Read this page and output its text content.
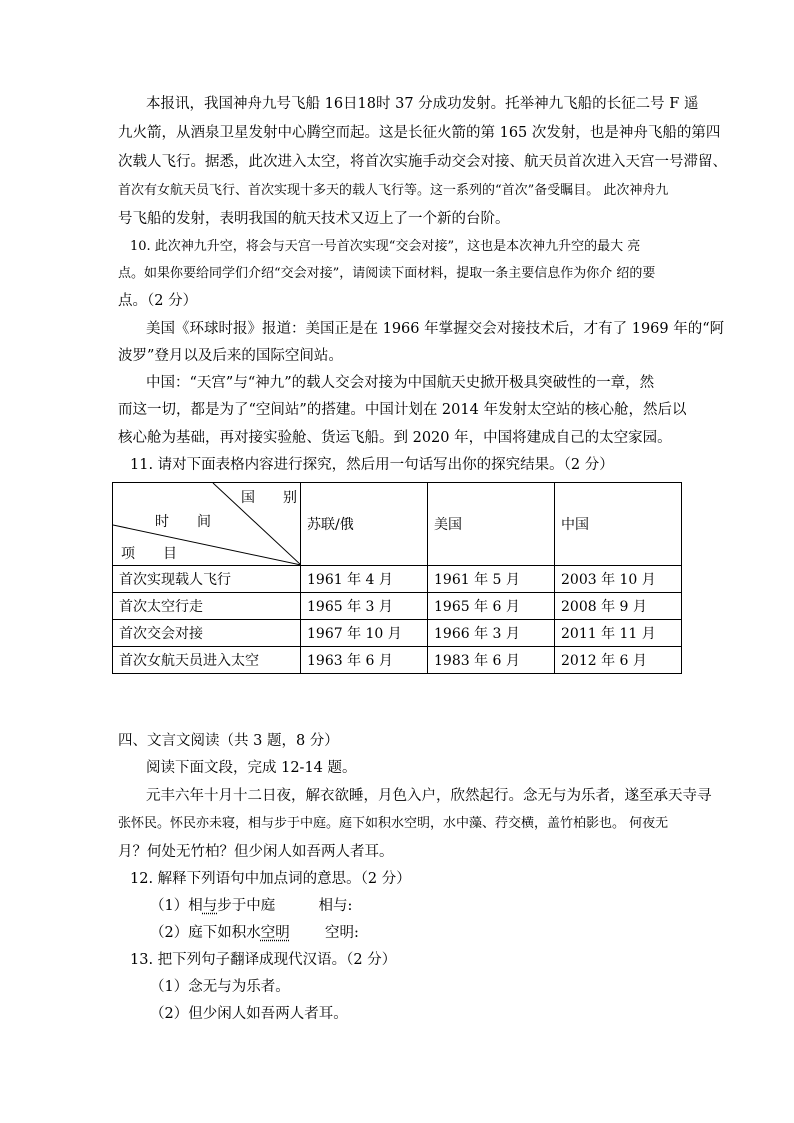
本报讯，我国神舟九号飞船 16日18时 37 分成功发射。托举神九飞船的长征二号 F 遥
九火箭，从酒泉卫星发射中心腾空而起。这是长征火箭的第 165 次发射，也是神舟飞船的第四
次载人飞行。据悉，此次进入太空，将首次实施手动交会对接、航天员首次进入天宫一号滞留、
首次有女航天员飞行、首次实现十多天的载人飞行等。这一系列的“首次”备受瞩目。 此次神舟九
号飞船的发射，表明我国的航天技术又迈上了一个新的台阶。
10. 此次神九升空，将会与天宫一号首次实现“交会对接”，这也是本次神九升空的最大 亮
点。如果你要给同学们介绍“交会对接”，请阅读下面材料，提取一条主要信息作为你介 绍的要
点。（2 分）
美国《环球时报》报道：美国正是在 1966 年掌握交会对接技术后，才有了 1969 年的“阿
波罗”登月以及后来的国际空间站。
中国：“天宫”与“神九”的载人交会对接为中国航天史掀开极具突破性的一章，然
而这一切，都是为了“空间站”的搭建。中国计划在 2014 年发射太空站的核心舱，然后以
核心舱为基础，再对接实验舱、货运飞船。到 2020 年，中国将建成自己的太空家园。
11. 请对下面表格内容进行探究，然后用一句话写出你的探究结果。（2 分）
国　　别
时　　间
项　　目	苏联/俄	美国	中国
首次实现载人飞行	1961 年 4 月	1961 年 5 月	2003 年 10 月
首次太空行走	1965 年 3 月	1965 年 6 月	2008 年 9 月
首次交会对接	1967 年 10 月	1966 年 3 月	2011 年 11 月
首次女航天员进入太空	1963 年 6 月	1983 年 6 月	2012 年 6 月
四、文言文阅读（共 3 题，8 分）
阅读下面文段，完成 12-14 题。
元丰六年十月十二日夜，解衣欲睡，月色入户，欣然起行。念无与为乐者，遂至承天寺寻
张怀民。怀民亦未寝，相与步于中庭。庭下如积水空明，水中藻、荇交横，盖竹柏影也。 何夜无
月？何处无竹柏？但少闲人如吾两人者耳。
12. 解释下列语句中加点词的意思。（2 分）
（1）相与步于中庭	相与:
（2）庭下如积水空明 空明:
13. 把下列句子翻译成现代汉语。（2 分）
（1）念无与为乐者。
（2）但少闲人如吾两人者耳。
